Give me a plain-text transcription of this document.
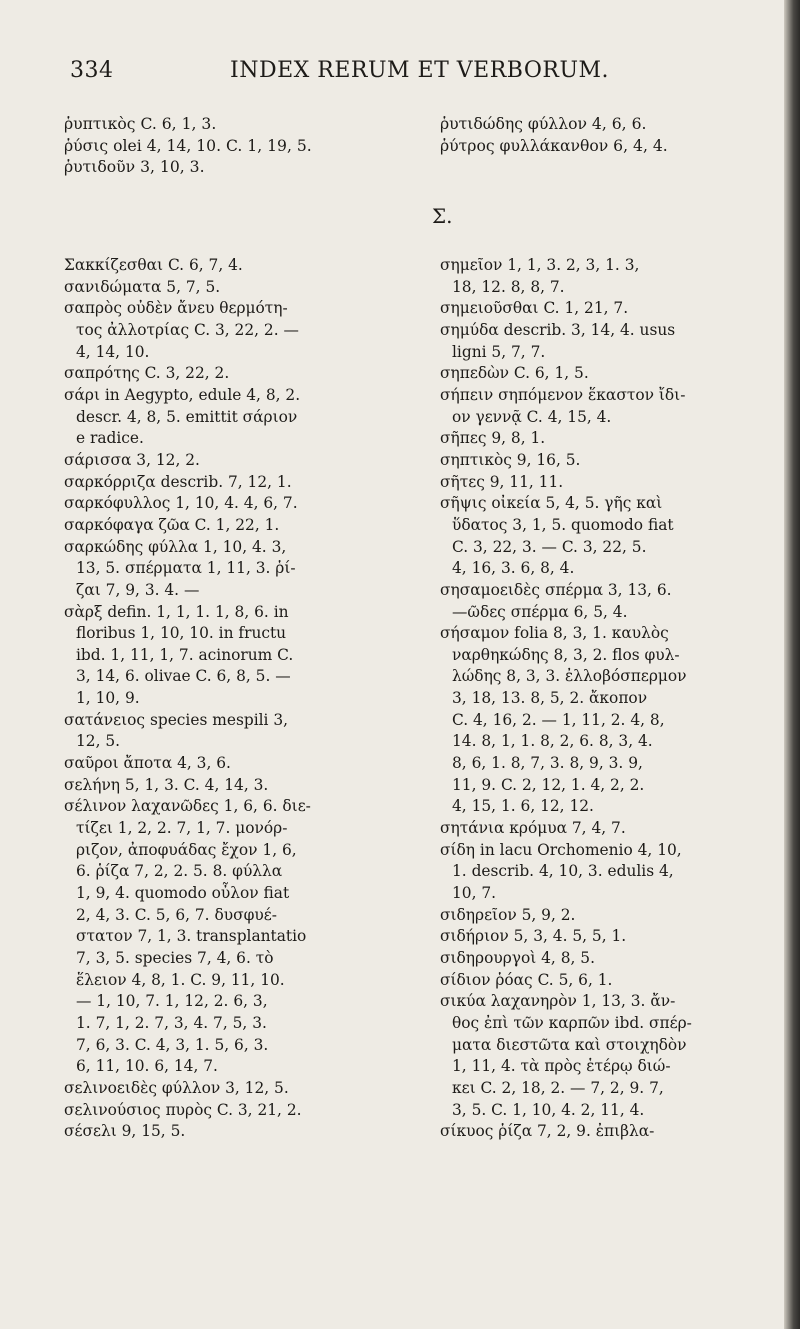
334	INDEX RERUM ET VERBORUM.
ῥυπτικὸς C. 6, 1, 3.
ῥύσις olei 4, 14, 10. C. 1, 19, 5.
ῥυτιδοῦν 3, 10, 3.
ῥυτιδώδης φύλλον 4, 6, 6.
ῥύτρος φυλλάκανθον 6, 4, 4.
Σ.
Σακκίζεσθαι C. 6, 7, 4.
σανιδώματα 5, 7, 5.
σαπρὸς οὐδὲν ἄνευ θερμότη-
τος ἀλλοτρίας C. 3, 22, 2. —
4, 14, 10.
σαπρότης C. 3, 22, 2.
σάρι in Aegypto, edule 4, 8, 2.
descr. 4, 8, 5. emittit σάριον
e radice.
σάρισσα 3, 12, 2.
σαρκόρριζα describ. 7, 12, 1.
σαρκόφυλλος 1, 10, 4. 4, 6, 7.
σαρκόφαγα ζῶα C. 1, 22, 1.
σαρκώδης φύλλα 1, 10, 4. 3,
13, 5. σπέρματα 1, 11, 3. ῥί-
ζαι 7, 9, 3. 4. —
σὰρξ defin. 1, 1, 1. 1, 8, 6. in
floribus 1, 10, 10. in fructu
ibd. 1, 11, 1, 7. acinorum C.
3, 14, 6. olivae C. 6, 8, 5. —
1, 10, 9.
σατάνειος species mespili 3,
12, 5.
σαῦροι ἄποτα 4, 3, 6.
σελήνη 5, 1, 3. C. 4, 14, 3.
σέλινον λαχανῶδες 1, 6, 6. διε-
τίζει 1, 2, 2. 7, 1, 7. μονόρ-
ριζον, ἀποφυάδας ἔχον 1, 6,
6. ῥίζα 7, 2, 2. 5. 8. φύλλα
1, 9, 4. quomodo οὖλον fiat
2, 4, 3. C. 5, 6, 7. δυσφυέ-
στατον 7, 1, 3. transplantatio
7, 3, 5. species 7, 4, 6. τὸ
ἕλειον 4, 8, 1. C. 9, 11, 10.
— 1, 10, 7. 1, 12, 2. 6, 3,
1. 7, 1, 2. 7, 3, 4. 7, 5, 3.
7, 6, 3. C. 4, 3, 1. 5, 6, 3.
6, 11, 10. 6, 14, 7.
σελινοειδὲς φύλλον 3, 12, 5.
σελινούσιος πυρὸς C. 3, 21, 2.
σέσελι 9, 15, 5.
σημεῖον 1, 1, 3. 2, 3, 1. 3,
18, 12. 8, 8, 7.
σημειοῦσθαι C. 1, 21, 7.
σημύδα describ. 3, 14, 4. usus
ligni 5, 7, 7.
σηπεδὼν C. 6, 1, 5.
σήπειν σηπόμενον ἕκαστον ἴδι-
ον γεννᾷ C. 4, 15, 4.
σῆπες 9, 8, 1.
σηπτικὸς 9, 16, 5.
σῆτες 9, 11, 11.
σῆψις οἰκεία 5, 4, 5. γῆς καὶ
ὕδατος 3, 1, 5. quomodo fiat
C. 3, 22, 3. — C. 3, 22, 5.
4, 16, 3. 6, 8, 4.
σησαμοειδὲς σπέρμα 3, 13, 6.
—ῶδες σπέρμα 6, 5, 4.
σήσαμον folia 8, 3, 1. καυλὸς
ναρθηκώδης 8, 3, 2. flos φυλ-
λώδης 8, 3, 3. ἐλλοβόσπερμον
3, 18, 13. 8, 5, 2. ἄκοπον
C. 4, 16, 2. — 1, 11, 2. 4, 8,
14. 8, 1, 1. 8, 2, 6. 8, 3, 4.
8, 6, 1. 8, 7, 3. 8, 9, 3. 9,
11, 9. C. 2, 12, 1. 4, 2, 2.
4, 15, 1. 6, 12, 12.
σητάνια κρόμυα 7, 4, 7.
σίδη in lacu Orchomenio 4, 10,
1. describ. 4, 10, 3. edulis 4,
10, 7.
σιδηρεῖον 5, 9, 2.
σιδήριον 5, 3, 4. 5, 5, 1.
σιδηρουργοὶ 4, 8, 5.
σίδιον ῥόας C. 5, 6, 1.
σικύα λαχανηρὸν 1, 13, 3. ἄν-
θος ἐπὶ τῶν καρπῶν ibd. σπέρ-
ματα διεστῶτα καὶ στοιχηδὸν
1, 11, 4. τὰ πρὸς ἑτέρῳ διώ-
κει C. 2, 18, 2. — 7, 2, 9. 7,
3, 5. C. 1, 10, 4. 2, 11, 4.
σίκυος ῥίζα 7, 2, 9. ἐπιβλα-
